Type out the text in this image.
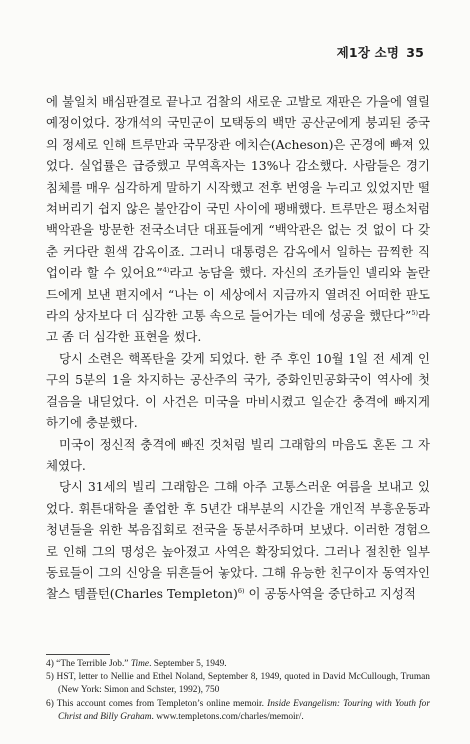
제1장 소명 35

에 불일치 배심판결로 끝나고 검찰의 새로운 고발로 재판은 가을에 열릴 예정이었다. 장개석의 국민군이 모택동의 백만 공산군에게 붕괴된 중국의 정세로 인해 트루만과 국무장관 에치슨(Acheson)은 곤경에 빠져 있었다. 실업률은 급증했고 무역흑자는 13%나 감소했다. 사람들은 경기침체를 매우 심각하게 말하기 시작했고 전후 번영을 누리고 있었지만 떨쳐버리기 쉽지 않은 불안감이 국민 사이에 팽배했다. 트루만은 평소처럼 백악관을 방문한 전국소녀단 대표들에게 “백악관은 없는 것 없이 다 갖춘 커다란 흰색 감옥이죠. 그러니 대통령은 감옥에서 일하는 끔찍한 직업이라 할 수 있어요”$^{4)}$라고 농담을 했다. 자신의 조카들인 넬리와 놀란드에게 보낸 편지에서 “나는 이 세상에서 지금까지 열려진 어떠한 판도라의 상자보다 더 심각한 고통 속으로 들어가는 데에 성공을 했단다”$^{5)}$라고 좀 더 심각한 표현을 썼다.

당시 소련은 핵폭탄을 갖게 되었다. 한 주 후인 10월 1일 전 세계 인구의 5분의 1을 차지하는 공산주의 국가, 중화인민공화국이 역사에 첫 걸음을 내딛었다. 이 사건은 미국을 마비시켰고 일순간 충격에 빠지게 하기에 충분했다.

미국이 정신적 충격에 빠진 것처럼 빌리 그래함의 마음도 혼돈 그 자체였다.

당시 31세의 빌리 그래함은 그해 아주 고통스러운 여름을 보내고 있었다. 휘튼대학을 졸업한 후 5년간 대부분의 시간을 개인적 부흥운동과 청년들을 위한 복음집회로 전국을 동분서주하며 보냈다. 이러한 경험으로 인해 그의 명성은 높아졌고 사역은 확장되었다. 그러나 절친한 일부 동료들이 그의 신앙을 뒤흔들어 놓았다. 그해 유능한 친구이자 동역자인 찰스 템플턴(Charles Templeton)$^{6)}$ 이 공동사역을 중단하고 지성적

4) “The Terrible Job.” Time. September 5, 1949.
5) HST, letter to Nellie and Ethel Noland, September 8, 1949, quoted in David McCullough, Truman (New York: Simon and Schster, 1992), 750
6) This account comes from Templeton’s online memoir. Inside Evangelism: Touring with Youth for Christ and Billy Graham. www.templetons.com/charles/memoir/.
